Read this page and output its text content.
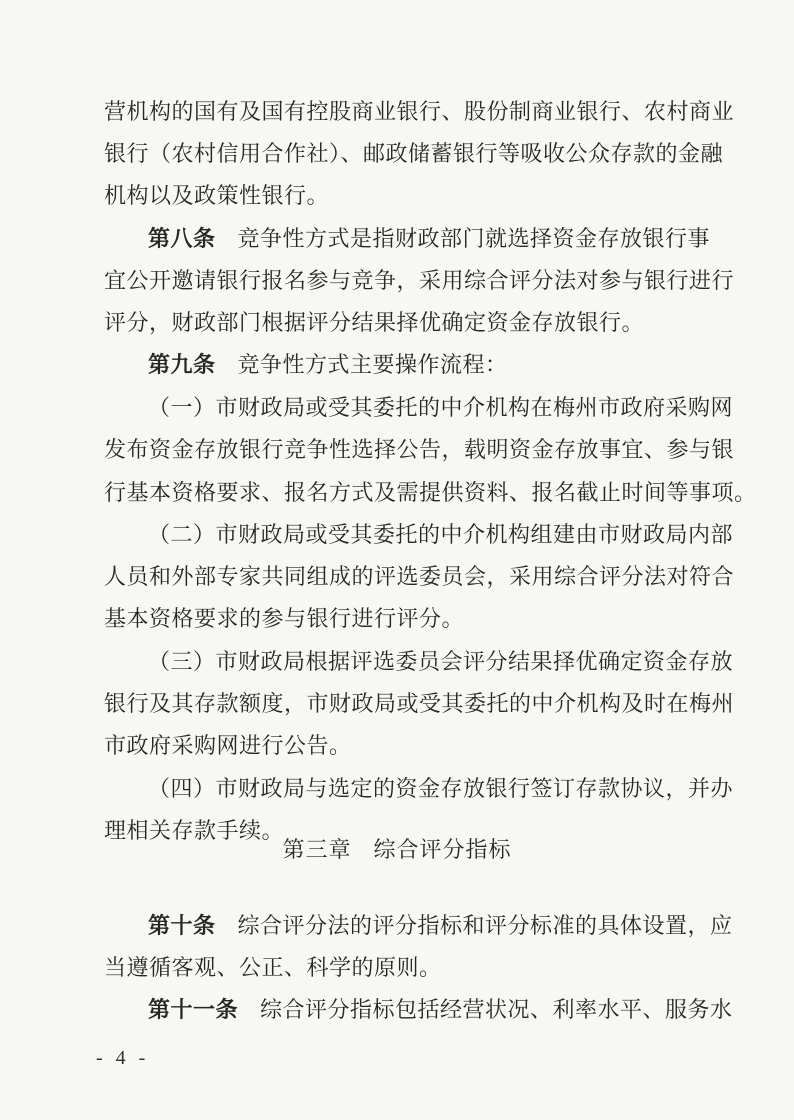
营机构的国有及国有控股商业银行、股份制商业银行、农村商业
银行（农村信用合作社）、邮政储蓄银行等吸收公众存款的金融
机构以及政策性银行。
第八条 竞争性方式是指财政部门就选择资金存放银行事
宜公开邀请银行报名参与竞争，采用综合评分法对参与银行进行
评分，财政部门根据评分结果择优确定资金存放银行。
第九条 竞争性方式主要操作流程：
（一）市财政局或受其委托的中介机构在梅州市政府采购网
发布资金存放银行竞争性选择公告，载明资金存放事宜、参与银
行基本资格要求、报名方式及需提供资料、报名截止时间等事项。
（二）市财政局或受其委托的中介机构组建由市财政局内部
人员和外部专家共同组成的评选委员会，采用综合评分法对符合
基本资格要求的参与银行进行评分。
（三）市财政局根据评选委员会评分结果择优确定资金存放
银行及其存款额度，市财政局或受其委托的中介机构及时在梅州
市政府采购网进行公告。
（四）市财政局与选定的资金存放银行签订存款协议，并办
理相关存款手续。
第三章 综合评分指标
第十条 综合评分法的评分指标和评分标准的具体设置，应
当遵循客观、公正、科学的原则。
第十一条 综合评分指标包括经营状况、利率水平、服务水
- 4 -
